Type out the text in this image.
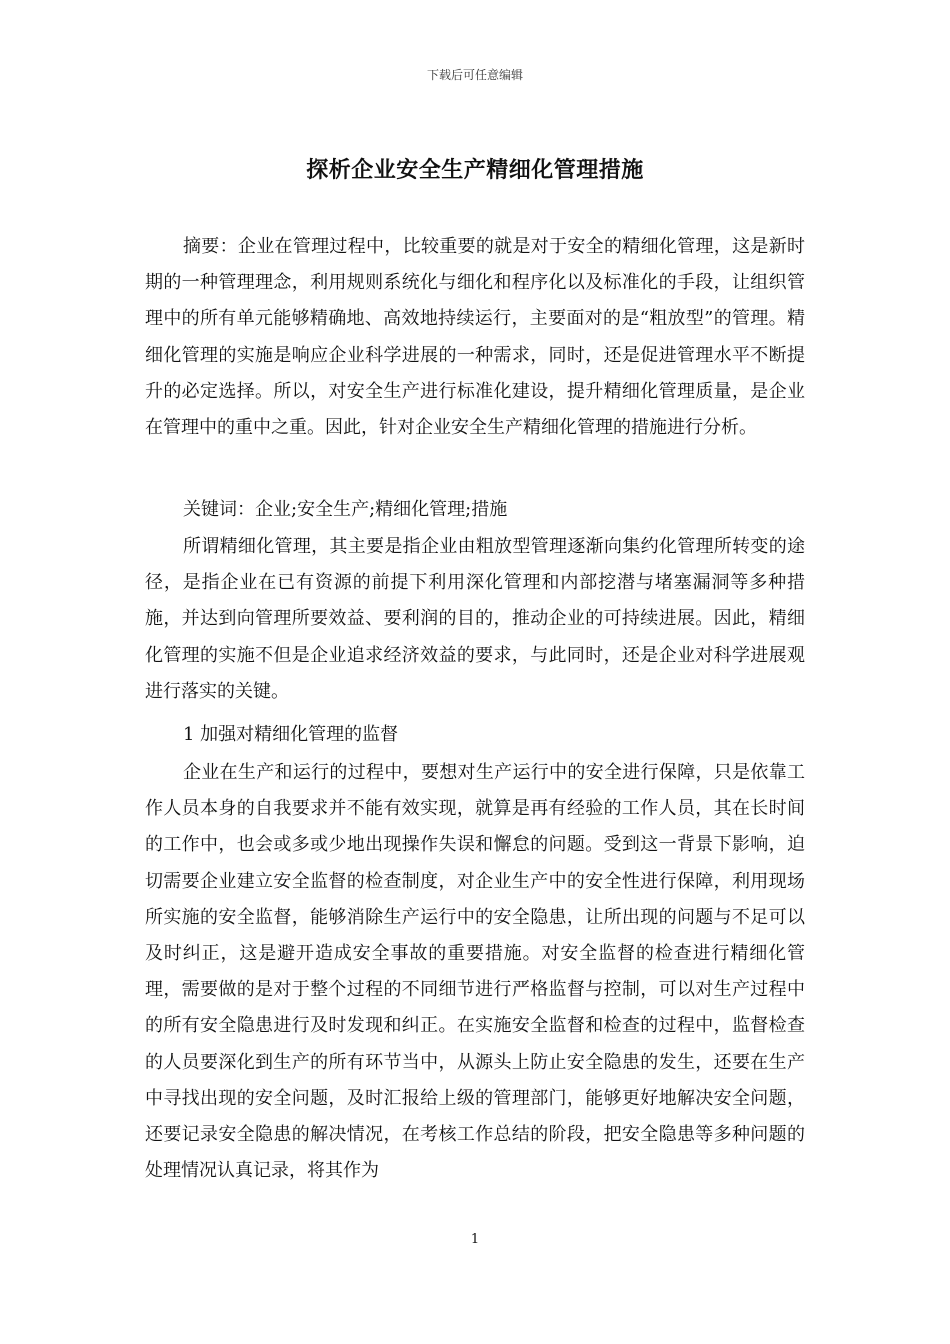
下载后可任意编辑
探析企业安全生产精细化管理措施

摘要：企业在管理过程中，比较重要的就是对于安全的精细化管理，这是新时期的一种管理理念，利用规则系统化与细化和程序化以及标准化的手段，让组织管理中的所有单元能够精确地、高效地持续运行，主要面对的是“粗放型”的管理。精细化管理的实施是响应企业科学进展的一种需求，同时，还是促进管理水平不断提升的必定选择。所以，对安全生产进行标准化建设，提升精细化管理质量，是企业在管理中的重中之重。因此，针对企业安全生产精细化管理的措施进行分析。

关键词：企业;安全生产;精细化管理;措施

所谓精细化管理，其主要是指企业由粗放型管理逐渐向集约化管理所转变的途径，是指企业在已有资源的前提下利用深化管理和内部挖潜与堵塞漏洞等多种措施，并达到向管理所要效益、要利润的目的，推动企业的可持续进展。因此，精细化管理的实施不但是企业追求经济效益的要求，与此同时，还是企业对科学进展观进行落实的关键。

1 加强对精细化管理的监督

企业在生产和运行的过程中，要想对生产运行中的安全进行保障，只是依靠工作人员本身的自我要求并不能有效实现，就算是再有经验的工作人员，其在长时间的工作中，也会或多或少地出现操作失误和懈怠的问题。受到这一背景下影响，迫切需要企业建立安全监督的检查制度，对企业生产中的安全性进行保障，利用现场所实施的安全监督，能够消除生产运行中的安全隐患，让所出现的问题与不足可以及时纠正，这是避开造成安全事故的重要措施。对安全监督的检查进行精细化管理，需要做的是对于整个过程的不同细节进行严格监督与控制，可以对生产过程中的所有安全隐患进行及时发现和纠正。在实施安全监督和检查的过程中，监督检查的人员要深化到生产的所有环节当中，从源头上防止安全隐患的发生，还要在生产中寻找出现的安全问题，及时汇报给上级的管理部门，能够更好地解决安全问题，还要记录安全隐患的解决情况，在考核工作总结的阶段，把安全隐患等多种问题的处理情况认真记录，将其作为

1
